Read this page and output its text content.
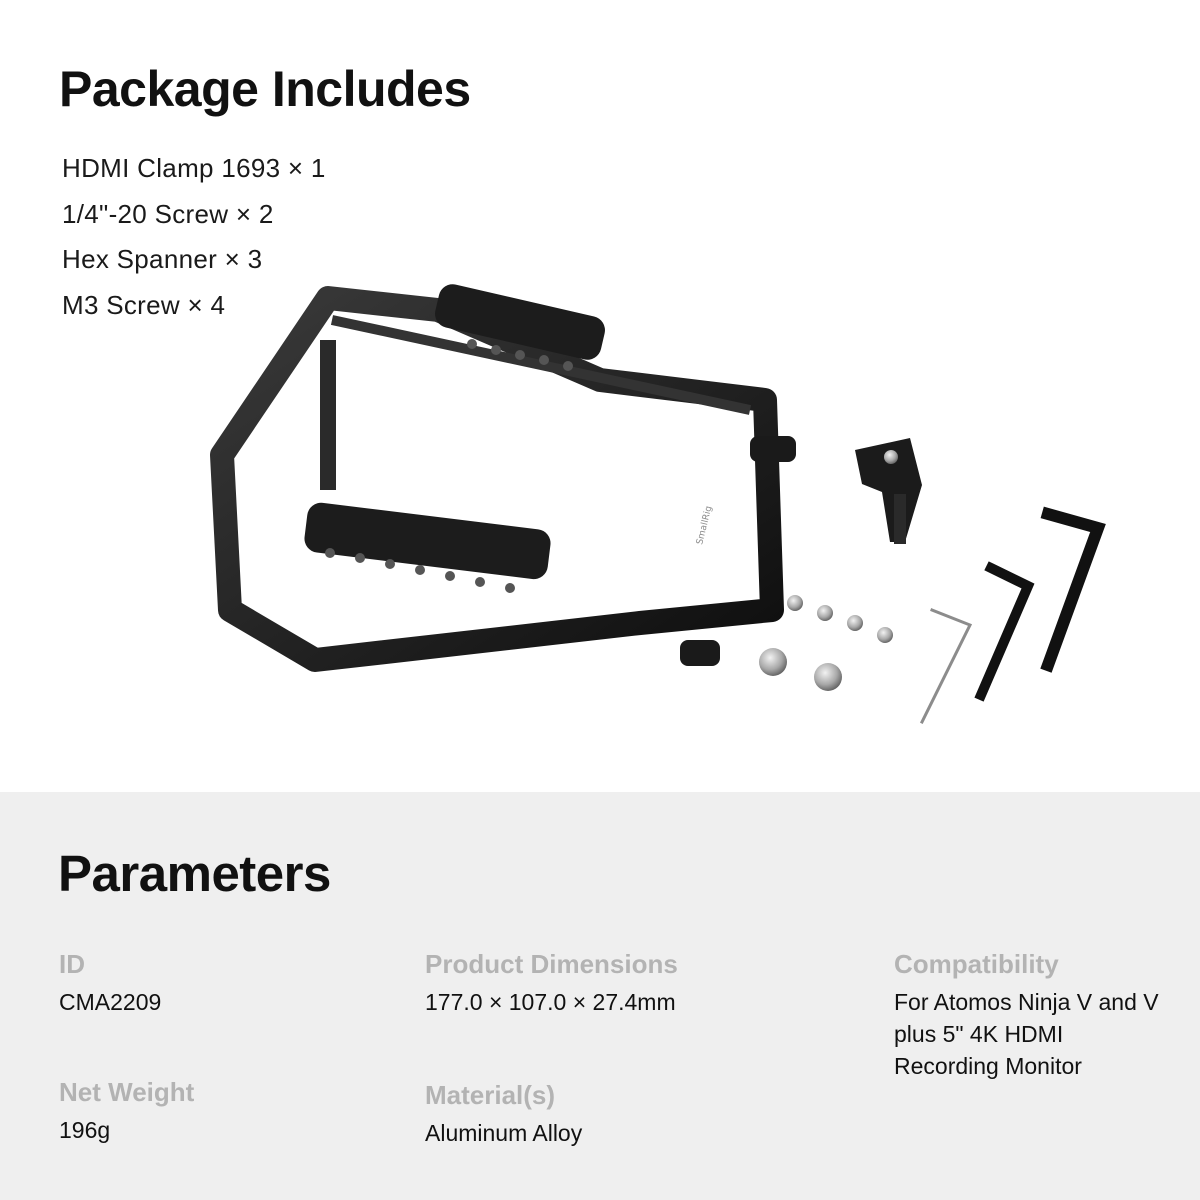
Package Includes
HDMI Clamp 1693 × 1
1/4"-20 Screw × 2
Hex Spanner × 3
M3 Screw × 4
SmallRig
Parameters
ID
CMA2209
Net Weight
196g
Product Dimensions
177.0 × 107.0 × 27.4mm
Material(s)
Aluminum Alloy
Compatibility
For Atomos Ninja V and V plus 5" 4K HDMI Recording Monitor
